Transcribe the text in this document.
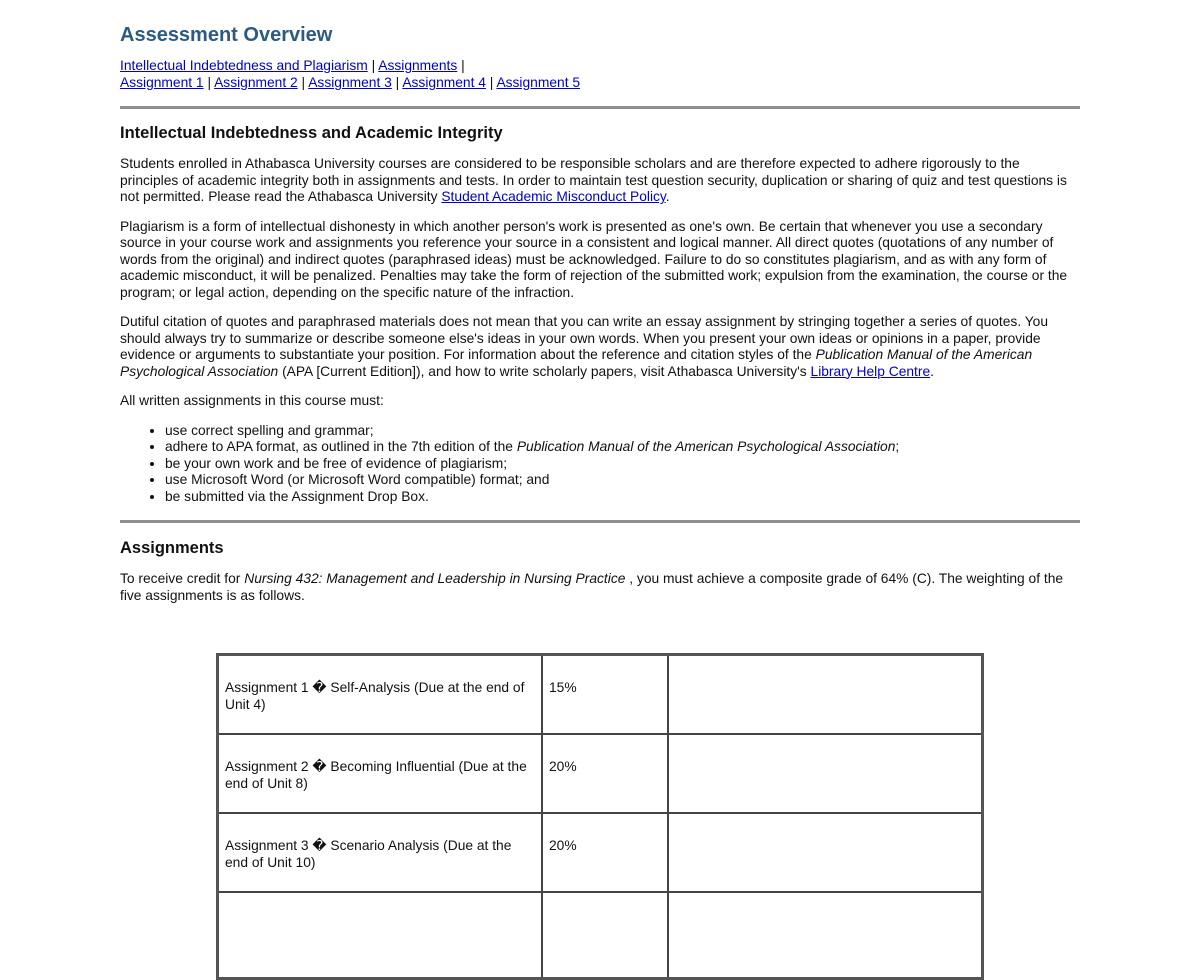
Assessment Overview
Intellectual Indebtedness and Plagiarism | Assignments |
Assignment 1 | Assignment 2 | Assignment 3 | Assignment 4 | Assignment 5
Intellectual Indebtedness and Academic Integrity

Students enrolled in Athabasca University courses are considered to be responsible scholars and are therefore expected to adhere rigorously to the principles of academic integrity both in assignments and tests. In order to maintain test question security, duplication or sharing of quiz and test questions is not permitted. Please read the Athabasca University Student Academic Misconduct Policy.

Plagiarism is a form of intellectual dishonesty in which another person's work is presented as one's own. Be certain that whenever you use a secondary source in your course work and assignments you reference your source in a consistent and logical manner. All direct quotes (quotations of any number of words from the original) and indirect quotes (paraphrased ideas) must be acknowledged. Failure to do so constitutes plagiarism, and as with any form of academic misconduct, it will be penalized. Penalties may take the form of rejection of the submitted work; expulsion from the examination, the course or the program; or legal action, depending on the specific nature of the infraction.

Dutiful citation of quotes and paraphrased materials does not mean that you can write an essay assignment by stringing together a series of quotes. You should always try to summarize or describe someone else's ideas in your own words. When you present your own ideas or opinions in a paper, provide evidence or arguments to substantiate your position. For information about the reference and citation styles of the Publication Manual of the American Psychological Association (APA [Current Edition]), and how to write scholarly papers, visit Athabasca University's Library Help Centre.

All written assignments in this course must:

• use correct spelling and grammar;
• adhere to APA format, as outlined in the 7th edition of the Publication Manual of the American Psychological Association;
• be your own work and be free of evidence of plagiarism;
• use Microsoft Word (or Microsoft Word compatible) format; and
• be submitted via the Assignment Drop Box.
Assignments

To receive credit for Nursing 432: Management and Leadership in Nursing Practice , you must achieve a composite grade of 64% (C). The weighting of the five assignments is as follows.

Assignment 1 � Self-Analysis (Due at the end of Unit 4)	15%	
Assignment 2 � Becoming Influential (Due at the end of Unit 8)	20%	
Assignment 3 � Scenario Analysis (Due at the end of Unit 10)	20%	
